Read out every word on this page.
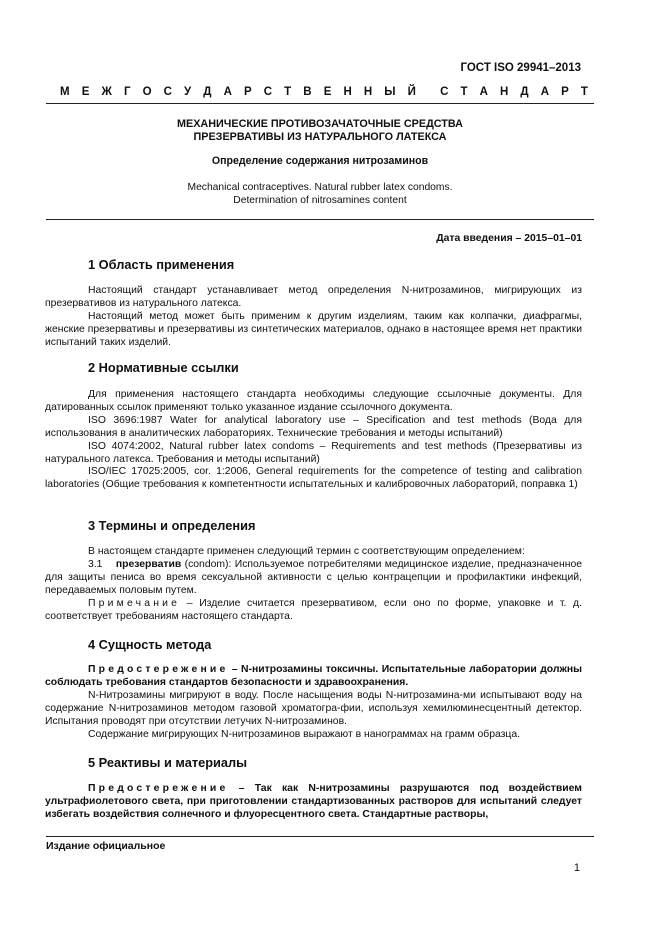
ГОСТ ISO 29941–2013
М Е Ж Г О С У Д А Р С Т В Е Н Н Ы Й С Т А Н Д А Р Т
МЕХАНИЧЕСКИЕ ПРОТИВОЗАЧАТОЧНЫЕ СРЕДСТВА
ПРЕЗЕРВАТИВЫ ИЗ НАТУРАЛЬНОГО ЛАТЕКСА
Определение содержания нитрозаминов
Mechanical contraceptives. Natural rubber latex condoms.
Determination of nitrosamines content
Дата введения – 2015–01–01
1 Область применения

Настоящий стандарт устанавливает метод определения N-нитрозаминов, мигрирующих из презервативов из натурального латекса.

Настоящий метод может быть применим к другим изделиям, таким как колпачки, диафрагмы, женские презервативы и презервативы из синтетических материалов, однако в настоящее время нет практики испытаний таких изделий.

2 Нормативные ссылки

Для применения настоящего стандарта необходимы следующие ссылочные документы. Для датированных ссылок применяют только указанное издание ссылочного документа.

ISO 3696:1987 Water for analytical laboratory use – Specification and test methods (Вода для использования в аналитических лабораториях. Технические требования и методы испытаний)

ISO 4074:2002, Natural rubber latex condoms – Requirements and test methods (Презервативы из натурального латекса. Требования и методы испытаний)

ISO/IEC 17025:2005, cor. 1:2006, General requirements for the competence of testing and calibration laboratories (Общие требования к компетентности испытательных и калибровочных лабораторий, поправка 1)

3 Термины и определения

В настоящем стандарте применен следующий термин с соответствующим определением:

3.1 презерватив (condom): Используемое потребителями медицинское изделие, предназначенное для защиты пениса во время сексуальной активности с целью контрацепции и профилактики инфекций, передаваемых половым путем.

Примечание – Изделие считается презервативом, если оно по форме, упаковке и т. д. соответствует требованиям настоящего стандарта.

4 Сущность метода

Предостережение – N-нитрозамины токсичны. Испытательные лаборатории должны соблюдать требования стандартов безопасности и здравоохранения.

N-Нитрозамины мигрируют в воду. После насыщения воды N-нитрозамина-ми испытывают воду на содержание N-нитрозаминов методом газовой хроматогра-фии, используя хемилюминесцентный детектор. Испытания проводят при отсутствии летучих N-нитрозаминов.

Содержание мигрирующих N-нитрозаминов выражают в нанограммах на грамм образца.

5 Реактивы и материалы

Предостережение – Так как N-нитрозамины разрушаются под воздействием ультрафиолетового света, при приготовлении стандартизованных растворов для испытаний следует избегать воздействия солнечного и флуоресцентного света. Стандартные растворы,

Издание официальное
1
